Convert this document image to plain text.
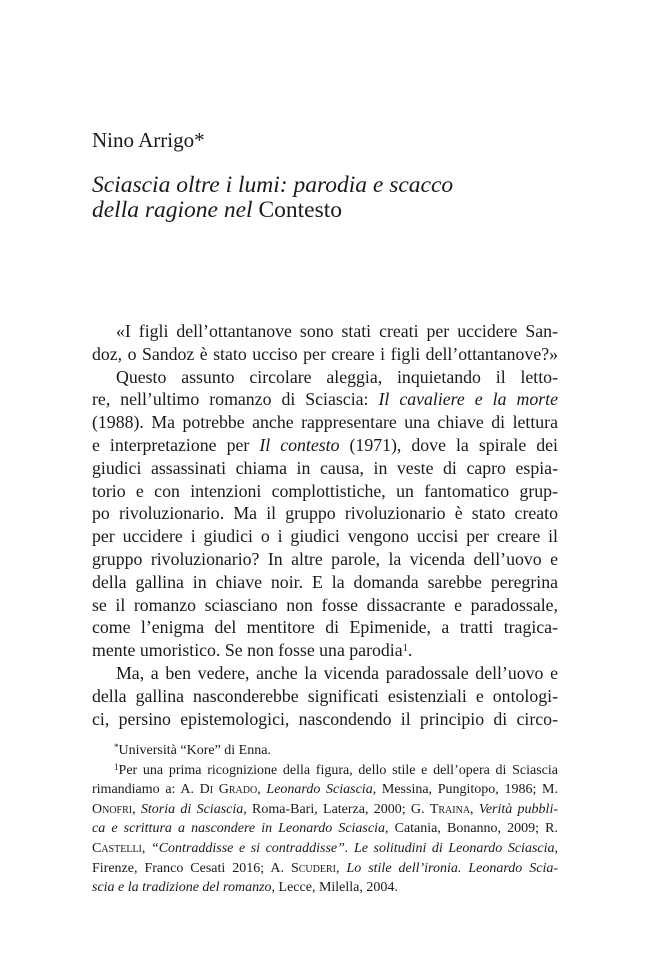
Nino Arrigo*
Sciascia oltre i lumi: parodia e scacco
della ragione nel Contesto
«I figli dell’ottantanove sono stati creati per uccidere San-
doz, o Sandoz è stato ucciso per creare i figli dell’ottantanove?»
Questo assunto circolare aleggia, inquietando il letto-
re, nell’ultimo romanzo di Sciascia: Il cavaliere e la morte
(1988). Ma potrebbe anche rappresentare una chiave di lettura
e interpretazione per Il contesto (1971), dove la spirale dei
giudici assassinati chiama in causa, in veste di capro espia-
torio e con intenzioni complottistiche, un fantomatico grup-
po rivoluzionario. Ma il gruppo rivoluzionario è stato creato
per uccidere i giudici o i giudici vengono uccisi per creare il
gruppo rivoluzionario? In altre parole, la vicenda dell’uovo e
della gallina in chiave noir. E la domanda sarebbe peregrina
se il romanzo sciasciano non fosse dissacrante e paradossale,
come l’enigma del mentitore di Epimenide, a tratti tragica-
mente umoristico. Se non fosse una parodia$^1$.
Ma, a ben vedere, anche la vicenda paradossale dell’uovo e
della gallina nasconderebbe significati esistenziali e ontologi-
ci, persino epistemologici, nascondendo il principio di circo-
*Università “Kore” di Enna.
$^1$Per una prima ricognizione della figura, dello stile e dell’opera di Sciascia
rimandiamo a: A. Di Grado, Leonardo Sciascia, Messina, Pungitopo, 1986; M.
Onofri, Storia di Sciascia, Roma-Bari, Laterza, 2000; G. Traina, Verità pubbli-
ca e scrittura a nascondere in Leonardo Sciascia, Catania, Bonanno, 2009; R.
Castelli, “Contraddisse e si contraddisse”. Le solitudini di Leonardo Sciascia,
Firenze, Franco Cesati 2016; A. Scuderi, Lo stile dell’ironia. Leonardo Scia-
scia e la tradizione del romanzo, Lecce, Milella, 2004.
